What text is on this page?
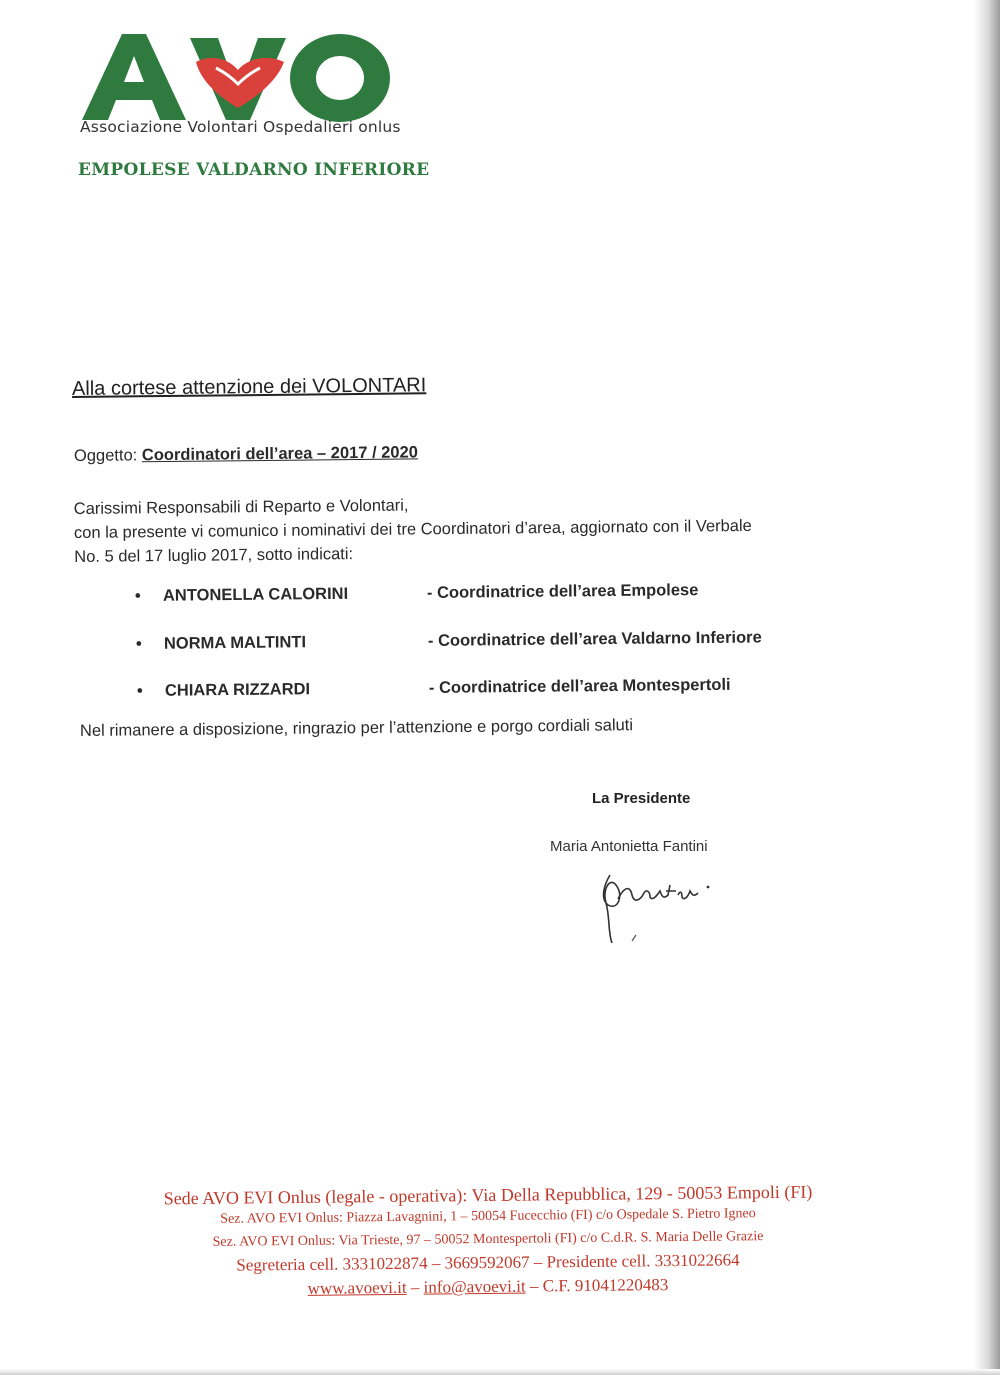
Associazione Volontari Ospedalieri onlus
EMPOLESE VALDARNO INFERIORE
Alla cortese attenzione dei VOLONTARI
Oggetto: Coordinatori dell’area – 2017 / 2020
Carissimi Responsabili di Reparto e Volontari,
con la presente vi comunico i nominativi dei tre Coordinatori d’area, aggiornato con il Verbale
No. 5 del 17 luglio 2017, sotto indicati:
• ANTONELLA CALORINI	- Coordinatrice dell’area Empolese
• NORMA MALTINTI	- Coordinatrice dell’area Valdarno Inferiore
• CHIARA RIZZARDI	- Coordinatrice dell’area Montespertoli
Nel rimanere a disposizione, ringrazio per l’attenzione e porgo cordiali saluti
La Presidente
Maria Antonietta Fantini
Sede AVO EVI Onlus (legale - operativa): Via Della Repubblica, 129 - 50053 Empoli (FI)
Sez. AVO EVI Onlus: Piazza Lavagnini, 1 – 50054 Fucecchio (FI) c/o Ospedale S. Pietro Igneo
Sez. AVO EVI Onlus: Via Trieste, 97 – 50052 Montespertoli (FI) c/o C.d.R. S. Maria Delle Grazie
Segreteria cell. 3331022874 – 3669592067 – Presidente cell. 3331022664
www.avoevi.it – info@avoevi.it – C.F. 91041220483
